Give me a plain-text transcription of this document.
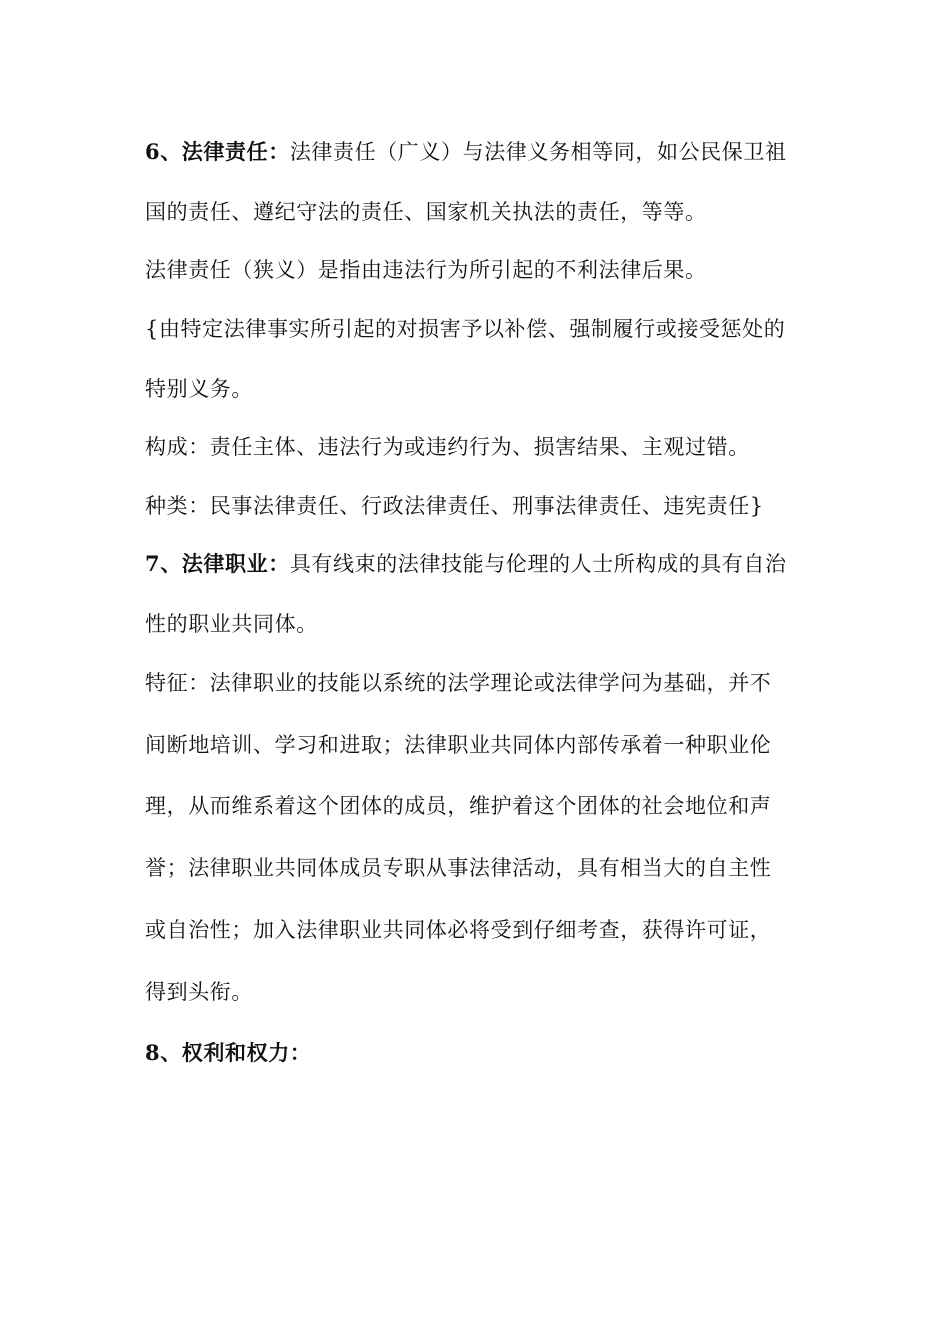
6、法律责任：法律责任（广义）与法律义务相等同，如公民保卫祖
国的责任、遵纪守法的责任、国家机关执法的责任，等等。
法律责任（狭义）是指由违法行为所引起的不利法律后果。
{由特定法律事实所引起的对损害予以补偿、强制履行或接受惩处的
特别义务。
构成：责任主体、违法行为或违约行为、损害结果、主观过错。
种类：民事法律责任、行政法律责任、刑事法律责任、违宪责任}
7、法律职业：具有线束的法律技能与伦理的人士所构成的具有自治
性的职业共同体。
特征：法律职业的技能以系统的法学理论或法律学问为基础，并不
间断地培训、学习和进取；法律职业共同体内部传承着一种职业伦
理，从而维系着这个团体的成员，维护着这个团体的社会地位和声
誉；法律职业共同体成员专职从事法律活动，具有相当大的自主性
或自治性；加入法律职业共同体必将受到仔细考查，获得许可证，
得到头衔。
8、权利和权力：
